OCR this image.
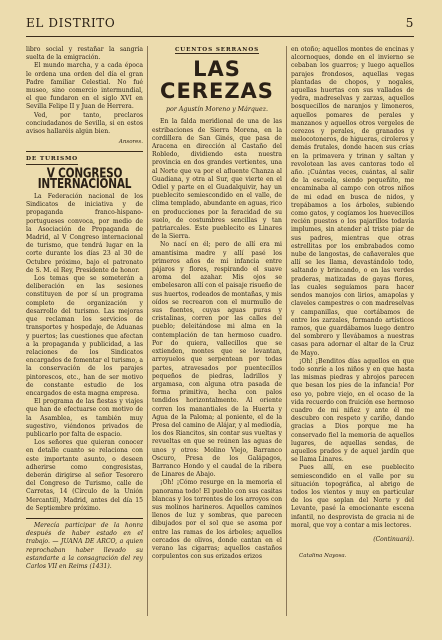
EL DISTRITO	5

libro social y restañar la sangría suelta de la emigración.

El mundo marcha, y a cada época le ordena una orden del día el gran Padre familiar Celestial. No fué museo, sino comercio intermundial, el que fundaron en el siglo XVI en Sevilla Felipe II y Juan de Herrera.

Ved, por tanto, preclaros conciudadanos de Sevilla, si en estos avisos hallaréis algún bien.

Ansores.
DE TURISMO
V CONGRESO INTERNACIONAL

La Federación nacional de los Sindicatos de iniciativa y de propaganda franco-hispano-portugueses convoca, por medio de la Asociación de Propaganda de Madrid, al V Congreso internacional de turismo, que tendrá lugar en la corte durante los días 23 al 30 de Octubre próximo, bajo el patronato de S. M. el Rey, Presidente de honor.

Los temas que se someterán a deliberación en las sesiones constituyen de por sí un programa completo de organización y desarrollo del turismo. Las mejoras que reclaman los servicios de transportes y hospedaje, de Aduanas y puertos; las cuestiones que afectan a la propaganda y publicidad, a las relaciones de los Sindicatos encargados de fomentar el turismo, a la conservación de los parajes pintorescos, etc., han de ser motivo de constante estudio de los encargados de esta magna empresa.

El programa de las fiestas y viajes que han de efectuarse con motivo de la Asamblea, es también muy sugestivo, viéndonos privados de publicarlo por falta de espacio.

Los señores que quieran conocer en detalle cuanto se relaciona con este importante asunto, o deseen adherirse como congresistas, deberán dirigirse al señor Tesorero del Congreso de Turismo, calle de Carretas, 14 (Círculo de la Unión Mercantil), Madrid, antes del día 15 de Septiembre próximo.

Merecía participar de la honra después de haber estado en el trabajo. — JUANA DE ARCO, a quien reprochaban haber llevado su estandarte a la consagración del rey Carlos VII en Reims (1431).

CUENTOS SERRANOS
LAS CEREZAS
por Agustín Moreno y Márquez.

En la falda meridional de una de las estribaciones de Sierra Morena, en la cordillera de San Ginés, que pasa de Aracena en dirección al Castaño del Robledo, dividiendo esta nuestra provincia en dos grandes vertientes, una al Norte que va por el afluente Chanza al Guadiana, y otra al Sur, que vierte en el Odiel y parte en el Guadalquivir, hay un pueblecito semiescondido en el valle, de clima templado, abundante en aguas, rico en producciones por la feracidad de su suelo, de costumbres sencillas y tan patriarcales. Este pueblecito es Linares de la Sierra.

No nací en él; pero de allí era mi amantísima madre y allí pasé los primeros años de mi infancia entre pájaros y flores, respirando el suave aroma del azahar. Mis ojos se embelesaron allí con el paisaje risueño de sus huertos, rodeados de montañas, y mis oídos se recrearon con el murmullo de sus fuentes, cuyas aguas puras y cristalinas, corren por las calles del pueblo; deleitándose mi alma en la contemplación de tan hermoso cuadro. Por do quiera, vallecillos que se extienden, montes que se levantan, arroyuelos que serpentean por todas partes, atravesados por puentecillos pequeños de piedras, ladrillos y argamasa, con alguna otra pasada de forma primitiva, hecha con palos tendidos horizontalmente. Al oriente corren los manantiales de la Huerta y Agua de la Paloma; al poniente, el de la Presa del camino de Alájar, y al mediodía, los dos Riancitos, sin contar sus vueltas y revueltas en que se reúnen las aguas de unos y otros: Molino Viejo, Barranco Oscuro, Presa de los Galápagos, Barranco Hondo y el caudal de la ribera de Linares de Abajo.

¡Oh! ¡Cómo resurge en la memoria el panorama todo! El pueblo con sus casitas blancas y los torrentes de los arroyos con sus molinos harineros. Aquellos caminos llenos de luz y sombras, que parecen dibujados por el sol que se asoma por entre las ramas de los árboles; aquellos cercados de olivos, donde cantan en el verano las cigarras; aquellos castaños corpulentos con sus erizados erizos

en otoño; aquellos montes de encinas y alcornoques, donde en el invierno se cebaban los guarros; y luego aquellos parajes frondosos, aquellas vegas plantadas de chopos, y nogales, aquellas huertas con sus vallados de yedra, madreselvas y zarzas, aquellos bosquecillos de naranjos y limoneros, aquellos pomares de perales y manzanos y aquellos otros vergeles de cerezos y perales, de granados y melocotoneros, de higueras, ciroleros y demás frutales, donde hacen sus crías en la primavera y trinan y saltan y revolotean las aves cantoras todo el año. ¡Cuántas veces, cuántas, al salir de la escuela, siendo pequeñito, me encaminaba al campo con otros niños de mi edad en busca de nidos, y trepábamos a los árboles, subiendo como gatos, y cogíamos los huevecillos recién puestos o los pajarillos todavía implumes, sin atender al triste piar de sus padres, mientras que otras estrellitas por los embrabados como nube de langostas, de cañaverales que allí se les llama, devastándolo todo, saltando y brincando, o en las verdes praderas, matizadas de gayas flores, las cuales seguíamos para hacer sendos manojos con lirios, amapolas y claveles campestres o con madreselvas y campanillas, que cortábamos de entre los zarzales, formando artísticos ramos, que guardábamos luego dentro del sombrero y llevábamos a nuestras casas para adornar el altar de la Cruz de Mayo.

¡Oh! ¡Benditos días aquellos en que todo sonríe a los niños y en que hasta las mismas piedras y abrojos parecen que besan los pies de la infancia! Por eso yo, pobre viejo, en el ocaso de la vida recuerdo con fruición ese hermoso cuadro de mi niñez y ante él me descubro con respeto y cariño, dando gracias a Dios porque me ha conservado fiel la memoria de aquellos lugares, de aquellas sendas, de aquellos prados y de aquel jardín que se llama Linares.

Pues allí, en ese pueblecito semiescondido en el valle por su situación topográfica, al abrigo de todos los vientos y muy en particular de los que soplan del Norte y del Levante, pasé la emocionante escena infantil, no desprovista de gracia ni de moral, que voy a contar a mis lectores.

(Continuará).
Catalina Nayosa.
